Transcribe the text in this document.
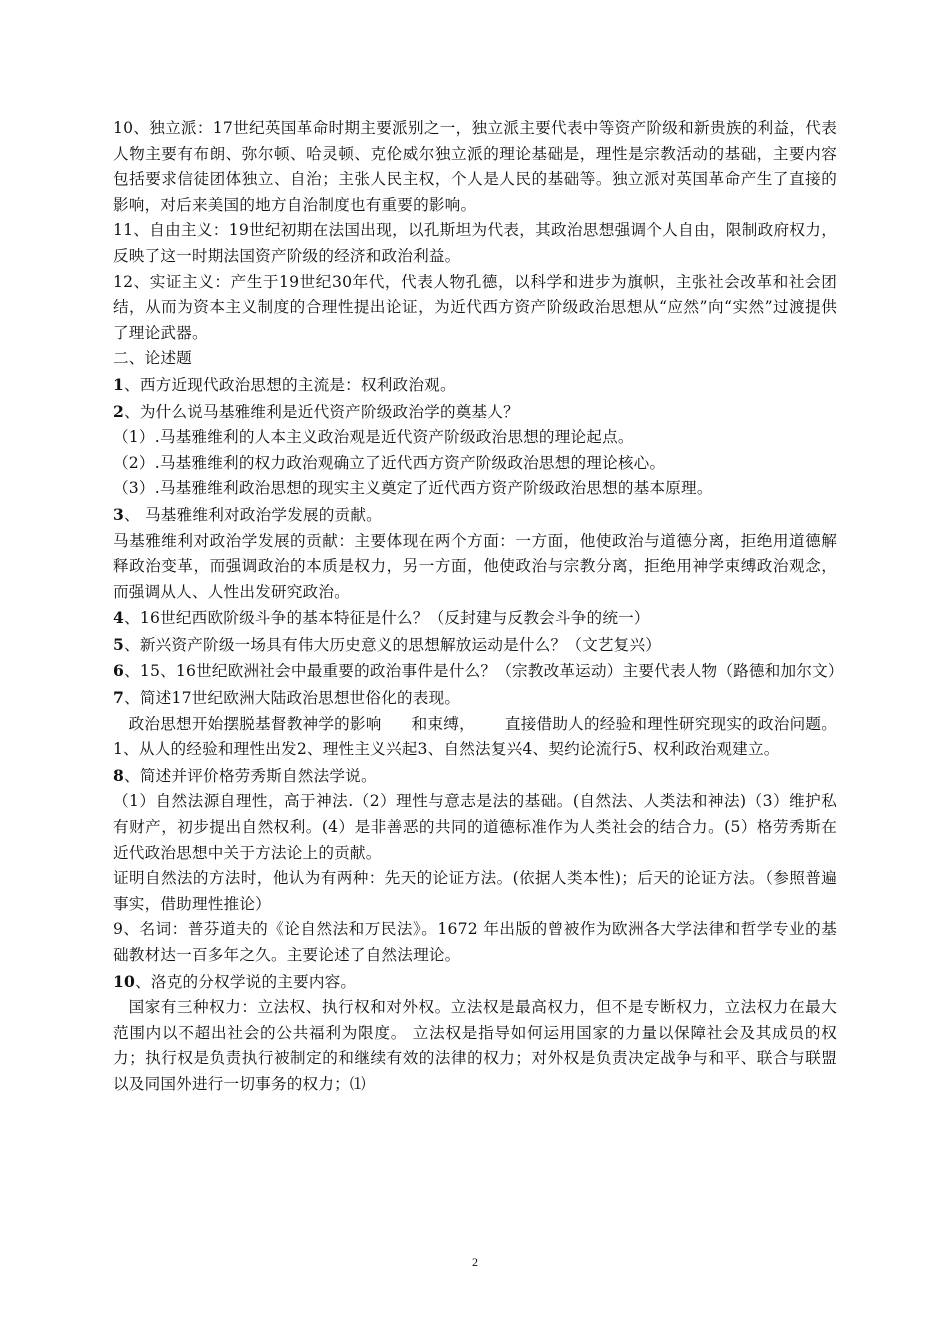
10、独立派：17世纪英国革命时期主要派别之一，独立派主要代表中等资产阶级和新贵族的利益，代表人物主要有布朗、弥尔顿、哈灵顿、克伦威尔独立派的理论基础是，理性是宗教活动的基础，主要内容包括要求信徒团体独立、自治；主张人民主权，个人是人民的基础等。独立派对英国革命产生了直接的影响，对后来美国的地方自治制度也有重要的影响。

11、自由主义：19世纪初期在法国出现，以孔斯坦为代表，其政治思想强调个人自由，限制政府权力，反映了这一时期法国资产阶级的经济和政治利益。

12、实证主义：产生于19世纪30年代，代表人物孔德，以科学和进步为旗帜，主张社会改革和社会团结，从而为资本主义制度的合理性提出论证，为近代西方资产阶级政治思想从“应然”向“实然”过渡提供了理论武器。

二、论述题

1、西方近现代政治思想的主流是：权利政治观。

2、为什么说马基雅维利是近代资产阶级政治学的奠基人？

（1）.马基雅维利的人本主义政治观是近代资产阶级政治思想的理论起点。

（2）.马基雅维利的权力政治观确立了近代西方资产阶级政治思想的理论核心。

（3）.马基雅维利政治思想的现实主义奠定了近代西方资产阶级政治思想的基本原理。

3、 马基雅维利对政治学发展的贡献。

马基雅维利对政治学发展的贡献：主要体现在两个方面：一方面，他使政治与道德分离，拒绝用道德解释政治变革，而强调政治的本质是权力，另一方面，他使政治与宗教分离，拒绝用神学束缚政治观念，而强调从人、人性出发研究政治。

4、16世纪西欧阶级斗争的基本特征是什么？（反封建与反教会斗争的统一）

5、新兴资产阶级一场具有伟大历史意义的思想解放运动是什么？（文艺复兴）

6、15、16世纪欧洲社会中最重要的政治事件是什么？（宗教改革运动）主要代表人物（路德和加尔文）

7、简述17世纪欧洲大陆政治思想世俗化的表现。

政治思想开始摆脱基督教神学的影响 和束缚， 直接借助人的经验和理性研究现实的政治问题。1、从人的经验和理性出发2、理性主义兴起3、自然法复兴4、契约论流行5、权利政治观建立。

8、简述并评价格劳秀斯自然法学说。

（1）自然法源自理性，高于神法.（2）理性与意志是法的基础。(自然法、人类法和神法)（3）维护私有财产，初步提出自然权利。(4）是非善恶的共同的道德标准作为人类社会的结合力。(5）格劳秀斯在近代政治思想中关于方法论上的贡献。

证明自然法的方法时，他认为有两种：先天的论证方法。(依据人类本性)；后天的论证方法。（参照普遍事实，借助理性推论）

9、名词：普芬道夫的《论自然法和万民法》。1672 年出版的曾被作为欧洲各大学法律和哲学专业的基础教材达一百多年之久。主要论述了自然法理论。

10、洛克的分权学说的主要内容。

国家有三种权力：立法权、执行权和对外权。立法权是最高权力，但不是专断权力，立法权力在最大范围内以不超出社会的公共福利为限度。 立法权是指导如何运用国家的力量以保障社会及其成员的权力；执行权是负责执行被制定的和继续有效的法律的权力；对外权是负责决定战争与和平、联合与联盟以及同国外进行一切事务的权力；⑴

2
